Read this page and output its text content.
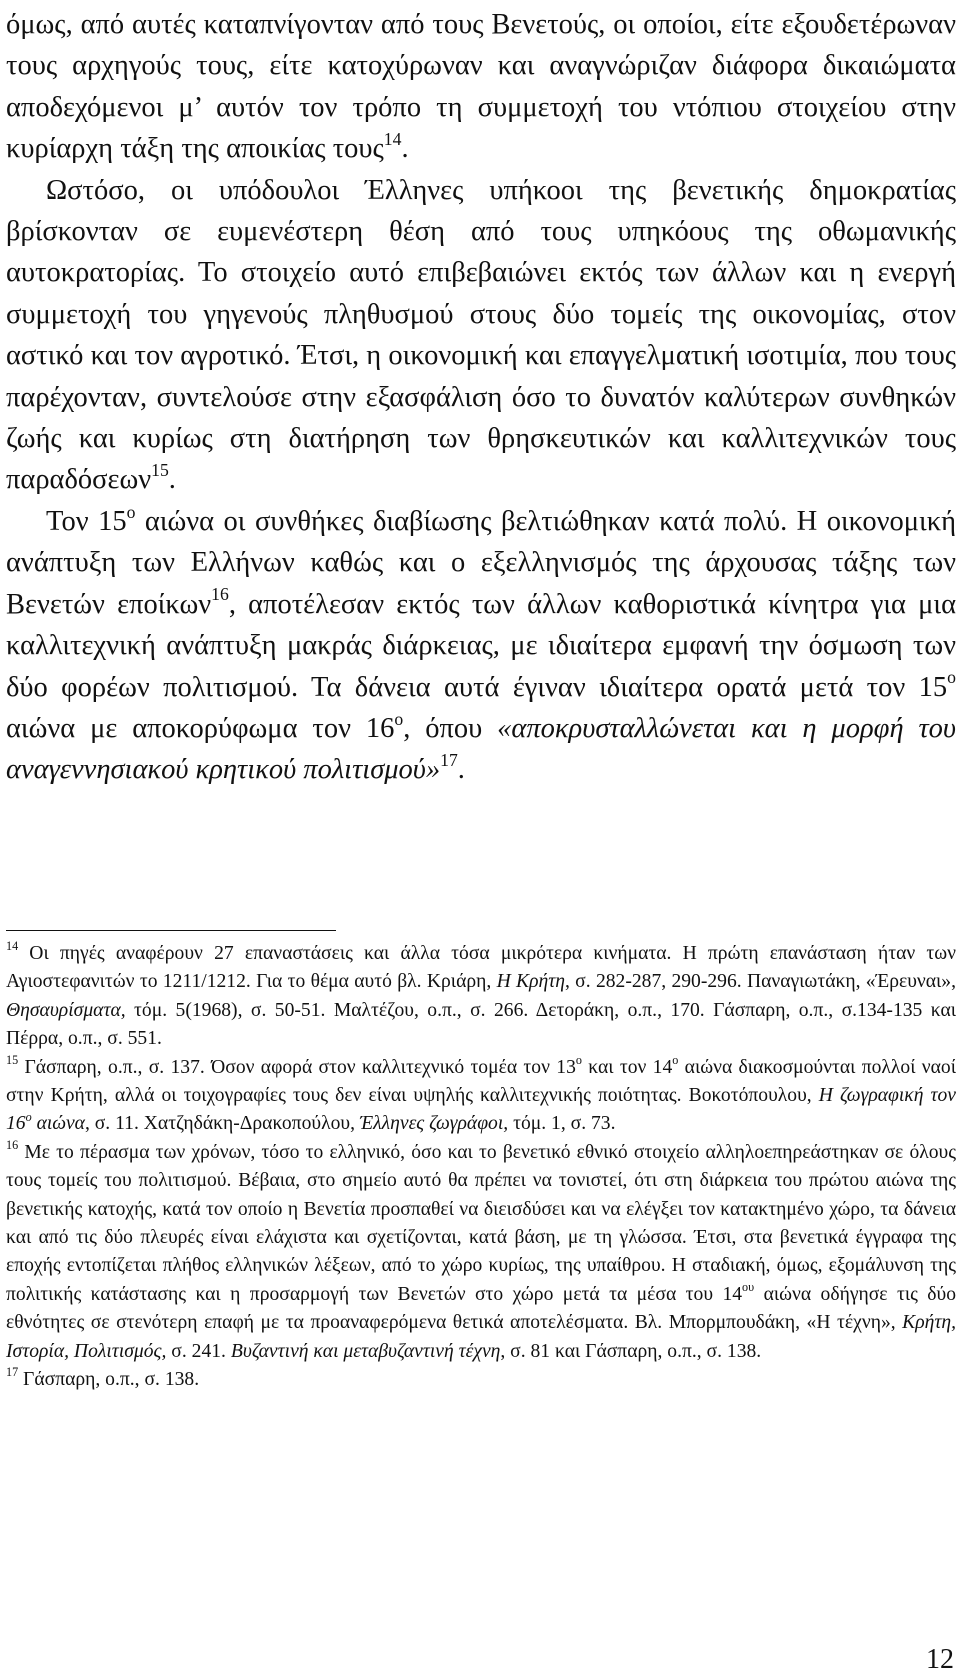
όμως, από αυτές καταπνίγονταν από τους Βενετούς, οι οποίοι, είτε εξουδετέρωναν τους αρχηγούς τους, είτε κατοχύρωναν και αναγνώριζαν διάφορα δικαιώματα αποδεχόμενοι μ’ αυτόν τον τρόπο τη συμμετοχή του ντόπιου στοιχείου στην κυρίαρχη τάξη της αποικίας τους$^{14}$.

Ωστόσο, οι υπόδουλοι Έλληνες υπήκοοι της βενετικής δημοκρατίας βρίσκονταν σε ευμενέστερη θέση από τους υπηκόους της οθωμανικής αυτοκρατορίας. Το στοιχείο αυτό επιβεβαιώνει εκτός των άλλων και η ενεργή συμμετοχή του γηγενούς πληθυσμού στους δύο τομείς της οικονομίας, στον αστικό και τον αγροτικό. Έτσι, η οικονομική και επαγγελματική ισοτιμία, που τους παρέχονταν, συντελούσε στην εξασφάλιση όσο το δυνατόν καλύτερων συνθηκών ζωής και κυρίως στη διατήρηση των θρησκευτικών και καλλιτεχνικών τους παραδόσεων$^{15}$.

Τον $15^o$ αιώνα οι συνθήκες διαβίωσης βελτιώθηκαν κατά πολύ. Η οικονομική ανάπτυξη των Ελλήνων καθώς και ο εξελληνισμός της άρχουσας τάξης των Βενετών εποίκων$^{16}$, αποτέλεσαν εκτός των άλλων καθοριστικά κίνητρα για μια καλλιτεχνική ανάπτυξη μακράς διάρκειας, με ιδιαίτερα εμφανή την όσμωση των δύο φορέων πολιτισμού. Τα δάνεια αυτά έγιναν ιδιαίτερα ορατά μετά τον $15^o$ αιώνα με αποκορύφωμα τον $16^o$, όπου «αποκρυσταλλώνεται και η μορφή του αναγεννησιακού κρητικού πολιτισμού»$^{17}$.

$^{14}$ Οι πηγές αναφέρουν 27 επαναστάσεις και άλλα τόσα μικρότερα κινήματα. Η πρώτη επανάσταση ήταν των Αγιοστεφανιτών το 1211/1212. Για το θέμα αυτό βλ. Κριάρη, Η Κρήτη, σ. 282-287, 290-296. Παναγιωτάκη, «Έρευναι», Θησαυρίσματα, τόμ. 5(1968), σ. 50-51. Μαλτέζου, ο.π., σ. 266. Δετοράκη, ο.π., 170. Γάσπαρη, ο.π., σ.134-135 και Πέρρα, ο.π., σ. 551.

$^{15}$ Γάσπαρη, ο.π., σ. 137. Όσον αφορά στον καλλιτεχνικό τομέα τον $13^o$ και τον $14^o$ αιώνα διακοσμούνται πολλοί ναοί στην Κρήτη, αλλά οι τοιχογραφίες τους δεν είναι υψηλής καλλιτεχνικής ποιότητας. Βοκοτόπουλου, Η ζωγραφική τον $16^o$ αιώνα, σ. 11. Χατζηδάκη-Δρακοπούλου, Έλληνες ζωγράφοι, τόμ. 1, σ. 73.

$^{16}$ Με το πέρασμα των χρόνων, τόσο το ελληνικό, όσο και το βενετικό εθνικό στοιχείο αλληλοεπηρεάστηκαν σε όλους τους τομείς του πολιτισμού. Βέβαια, στο σημείο αυτό θα πρέπει να τονιστεί, ότι στη διάρκεια του πρώτου αιώνα της βενετικής κατοχής, κατά τον οποίο η Βενετία προσπαθεί να διεισδύσει και να ελέγξει τον κατακτημένο χώρο, τα δάνεια και από τις δύο πλευρές είναι ελάχιστα και σχετίζονται, κατά βάση, με τη γλώσσα. Έτσι, στα βενετικά έγγραφα της εποχής εντοπίζεται πλήθος ελληνικών λέξεων, από το χώρο κυρίως, της υπαίθρου. Η σταδιακή, όμως, εξομάλυνση της πολιτικής κατάστασης και η προσαρμογή των Βενετών στο χώρο μετά τα μέσα του $14^{o\upsilon}$ αιώνα οδήγησε τις δύο εθνότητες σε στενότερη επαφή με τα προαναφερόμενα θετικά αποτελέσματα. Βλ. Μπορμπουδάκη, «Η τέχνη», Κρήτη, Ιστορία, Πολιτισμός, σ. 241. Βυζαντινή και μεταβυζαντινή τέχνη, σ. 81 και Γάσπαρη, ο.π., σ. 138.

$^{17}$ Γάσπαρη, ο.π., σ. 138.

12
